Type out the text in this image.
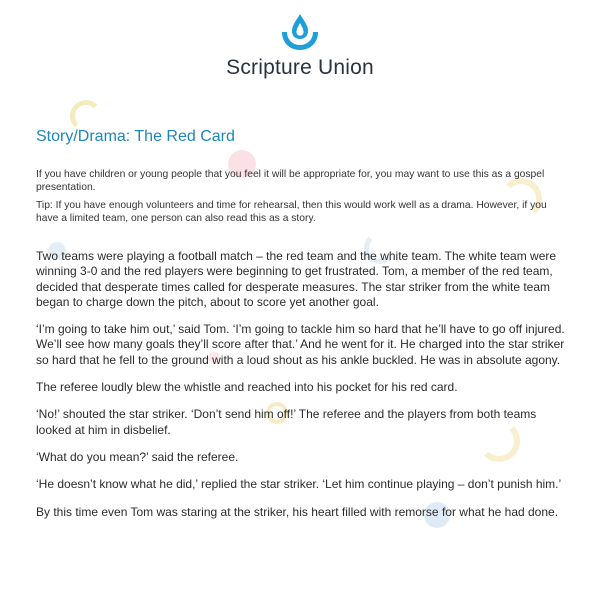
Scripture Union
Story/Drama: The Red Card

If you have children or young people that you feel it will be appropriate for, you may want to use this as a gospel presentation.

Tip: If you have enough volunteers and time for rehearsal, then this would work well as a drama. However, if you have a limited team, one person can also read this as a story.

Two teams were playing a football match – the red team and the white team. The white team were winning 3-0 and the red players were beginning to get frustrated. Tom, a member of the red team, decided that desperate times called for desperate measures. The star striker from the white team began to charge down the pitch, about to score yet another goal.

‘I’m going to take him out,’ said Tom. ‘I’m going to tackle him so hard that he’ll have to go off injured. We’ll see how many goals they’ll score after that.’ And he went for it. He charged into the star striker so hard that he fell to the ground with a loud shout as his ankle buckled. He was in absolute agony.

The referee loudly blew the whistle and reached into his pocket for his red card.

‘No!’ shouted the star striker. ‘Don’t send him off!’ The referee and the players from both teams looked at him in disbelief.

‘What do you mean?’ said the referee.

‘He doesn’t know what he did,’ replied the star striker. ‘Let him continue playing – don’t punish him.’

By this time even Tom was staring at the striker, his heart filled with remorse for what he had done.
